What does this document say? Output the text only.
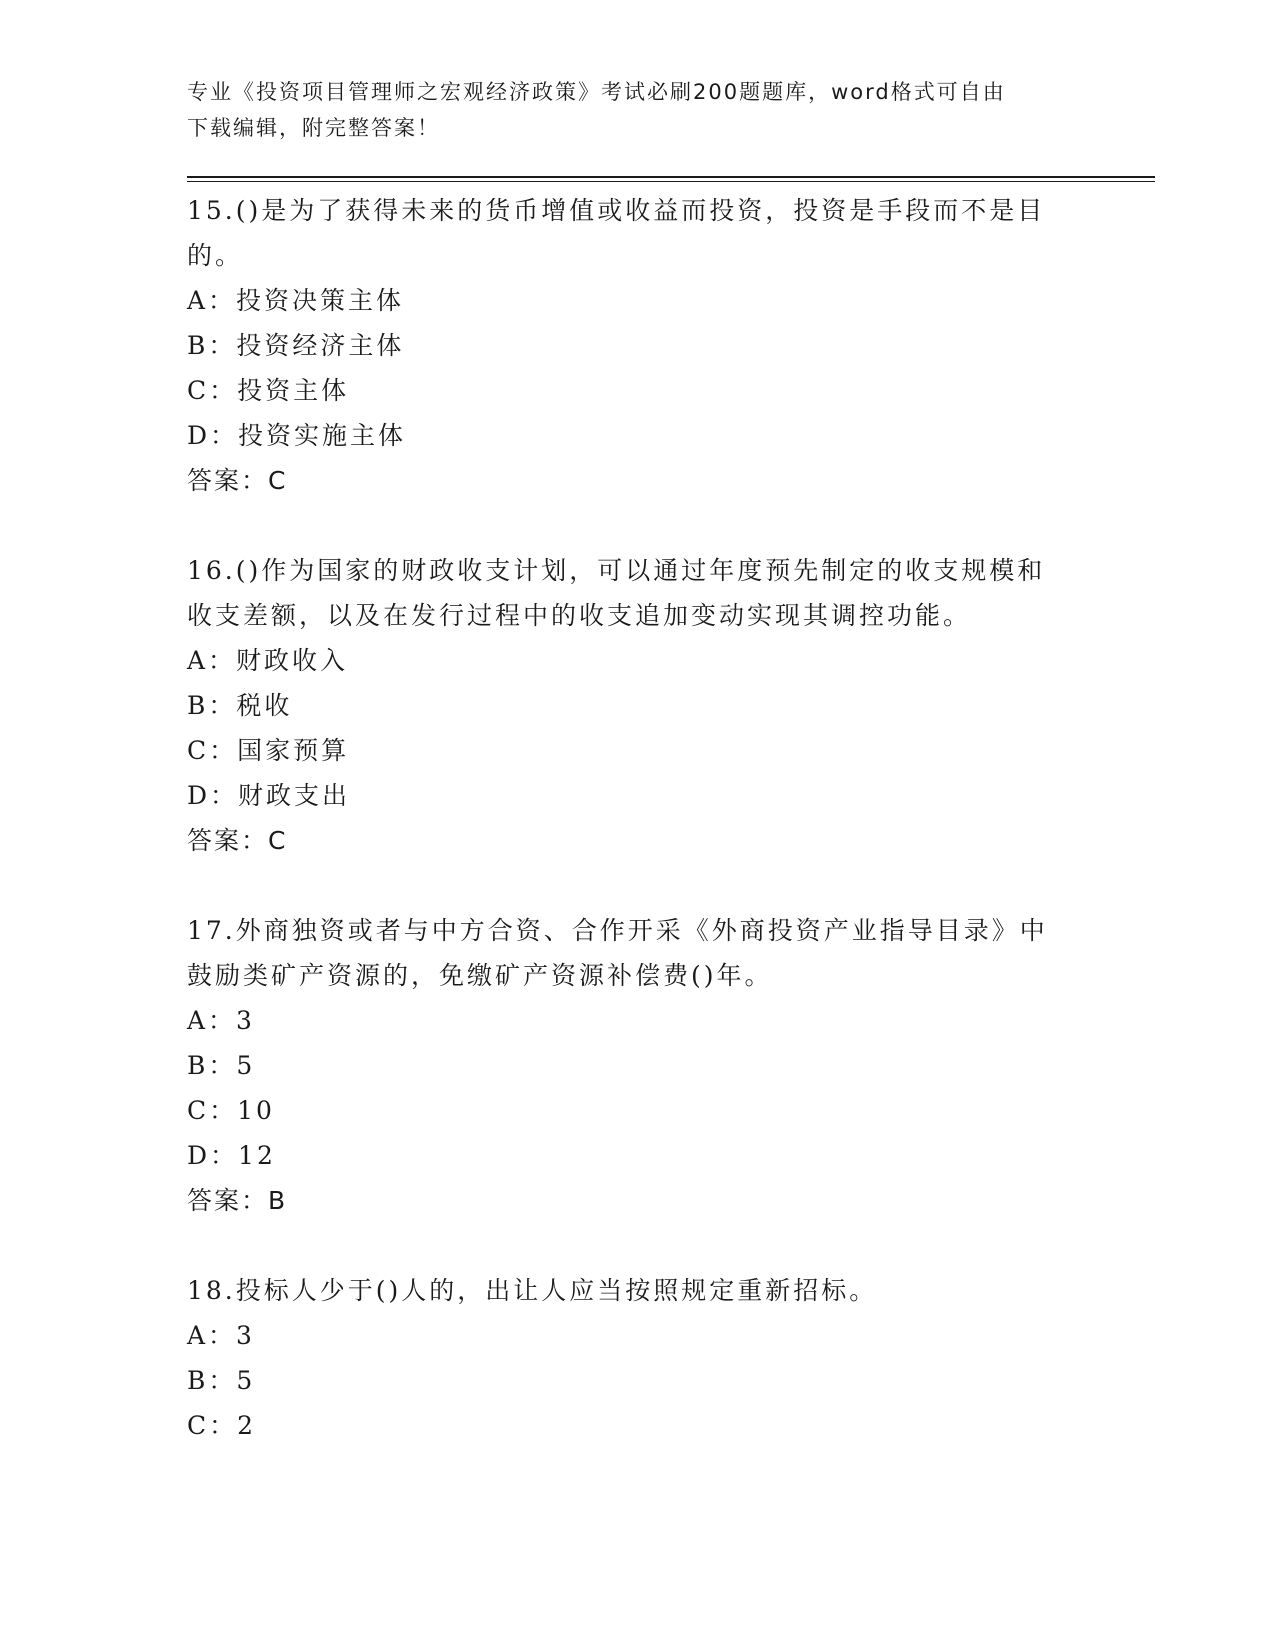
专业《投资项目管理师之宏观经济政策》考试必刷200题题库，word格式可自由
下载编辑，附完整答案！
15.()是为了获得未来的货币增值或收益而投资，投资是手段而不是目
的。
A：投资决策主体
B：投资经济主体
C：投资主体
D：投资实施主体
答案：C
16.()作为国家的财政收支计划，可以通过年度预先制定的收支规模和
收支差额，以及在发行过程中的收支追加变动实现其调控功能。
A：财政收入
B：税收
C：国家预算
D：财政支出
答案：C
17.外商独资或者与中方合资、合作开采《外商投资产业指导目录》中
鼓励类矿产资源的，免缴矿产资源补偿费()年。
A：3
B：5
C：10
D：12
答案：B
18.投标人少于()人的，出让人应当按照规定重新招标。
A：3
B：5
C：2
